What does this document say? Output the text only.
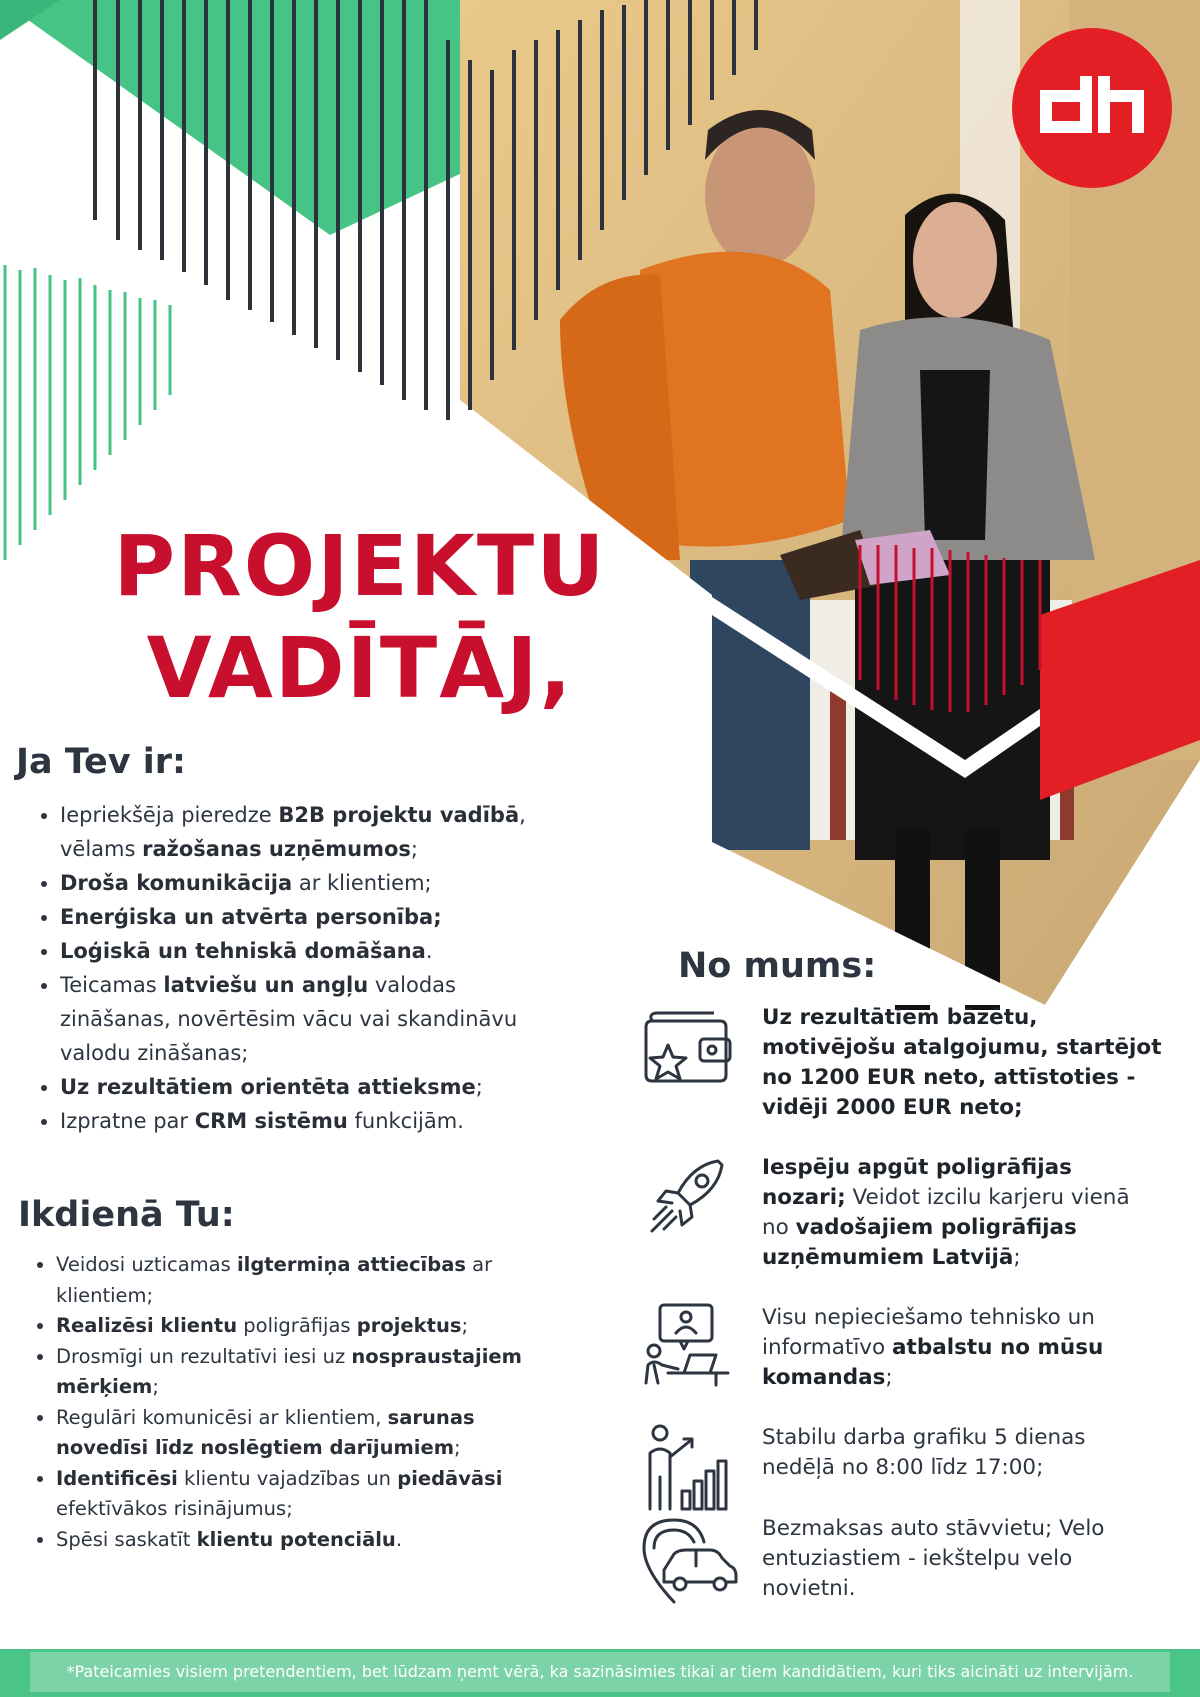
PROJEKTU
VADĪTĀJ,
Ja Tev ir:
• Iepriekšēja pieredze B2B projektu vadībā, vēlams ražošanas uzņēmumos;
• Droša komunikācija ar klientiem;
• Enerģiska un atvērta personība;
• Loģiskā un tehniskā domāšana.
• Teicamas latviešu un angļu valodas zināšanas, novērtēsim vācu vai skandināvu valodu zināšanas;
• Uz rezultātiem orientēta attieksme;
• Izpratne par CRM sistēmu funkcijām.
Ikdienā Tu:
• Veidosi uzticamas ilgtermiņa attiecības ar klientiem;
• Realizēsi klientu poligrāfijas projektus;
• Drosmīgi un rezultatīvi iesi uz nospraustajiem mērķiem;
• Regulāri komunicēsi ar klientiem, sarunas novedīsi līdz noslēgtiem darījumiem;
• Identificēsi klientu vajadzības un piedāvāsi efektīvākos risinājumus;
• Spēsi saskatīt klientu potenciālu.
No mums:
Uz rezultātiem bāzētu, motivējošu atalgojumu, startējot no 1200 EUR neto, attīstoties - vidēji 2000 EUR neto;
Iespēju apgūt poligrāfijas nozari; Veidot izcilu karjeru vienā no vadošajiem poligrāfijas uzņēmumiem Latvijā;
Visu nepieciešamo tehnisko un informatīvo atbalstu no mūsu komandas;
Stabilu darba grafiku 5 dienas nedēļā no 8:00 līdz 17:00;
Bezmaksas auto stāvvietu; Velo entuziastiem - iekštelpu velo novietni.
*Pateicamies visiem pretendentiem, bet lūdzam ņemt vērā, ka sazināsimies tikai ar tiem kandidātiem, kuri tiks aicināti uz intervijām.
